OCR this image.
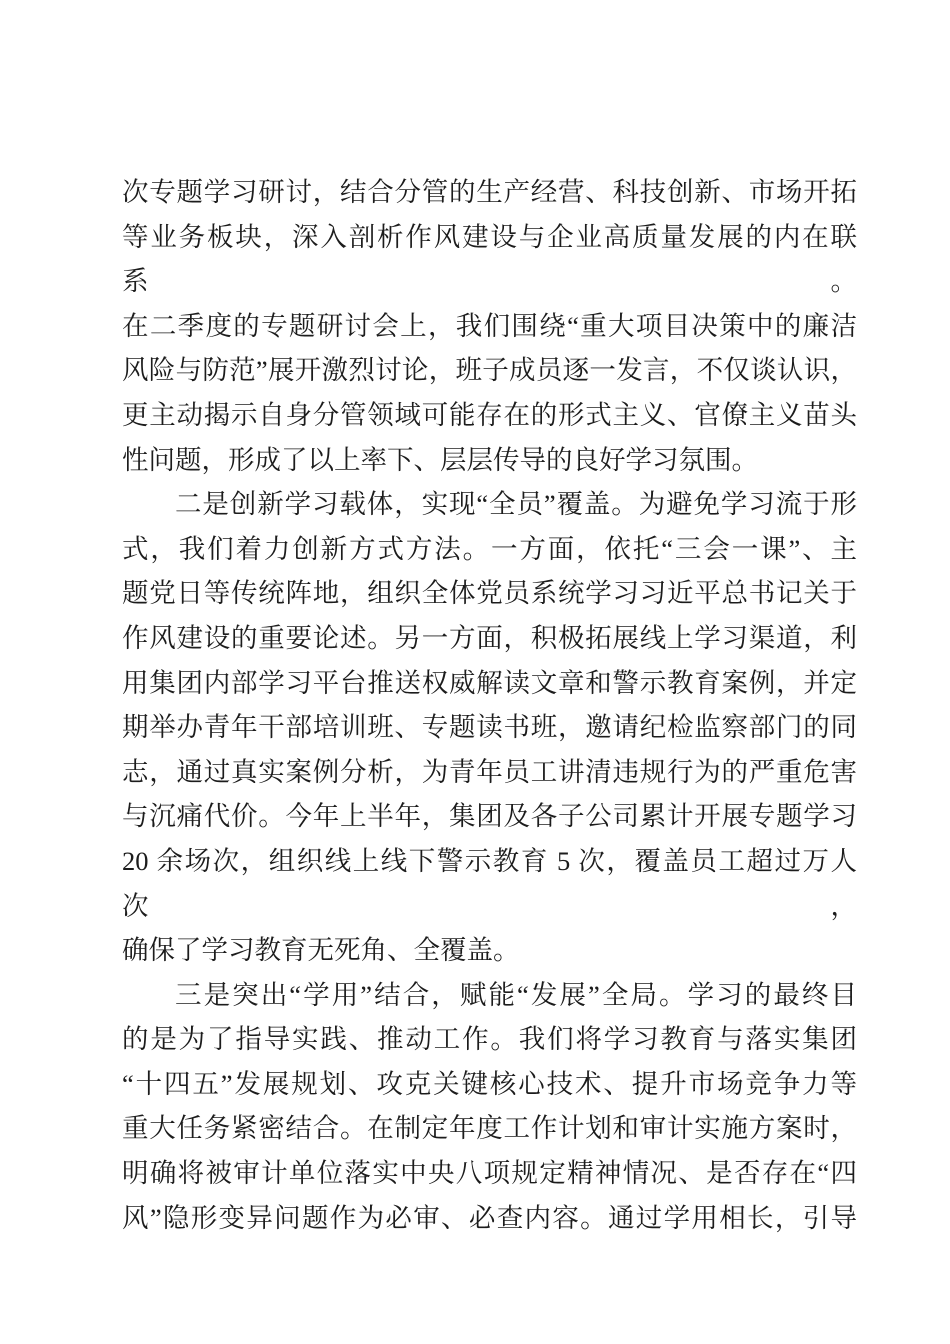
次专题学习研讨，结合分管的生产经营、科技创新、市场开拓
等业务板块，深入剖析作风建设与企业高质量发展的内在联系。
在二季度的专题研讨会上，我们围绕“重大项目决策中的廉洁
风险与防范”展开激烈讨论，班子成员逐一发言，不仅谈认识，
更主动揭示自身分管领域可能存在的形式主义、官僚主义苗头
性问题，形成了以上率下、层层传导的良好学习氛围。
二是创新学习载体，实现“全员”覆盖。为避免学习流于形
式，我们着力创新方式方法。一方面，依托“三会一课”、主
题党日等传统阵地，组织全体党员系统学习习近平总书记关于
作风建设的重要论述。另一方面，积极拓展线上学习渠道，利
用集团内部学习平台推送权威解读文章和警示教育案例，并定
期举办青年干部培训班、专题读书班，邀请纪检监察部门的同
志，通过真实案例分析，为青年员工讲清违规行为的严重危害
与沉痛代价。今年上半年，集团及各子公司累计开展专题学习
20 余场次，组织线上线下警示教育 5 次，覆盖员工超过万人次，
确保了学习教育无死角、全覆盖。
三是突出“学用”结合，赋能“发展”全局。学习的最终目
的是为了指导实践、推动工作。我们将学习教育与落实集团
“十四五”发展规划、攻克关键核心技术、提升市场竞争力等
重大任务紧密结合。在制定年度工作计划和审计实施方案时，
明确将被审计单位落实中央八项规定精神情况、是否存在“四
风”隐形变异问题作为必审、必查内容。通过学用相长，引导
